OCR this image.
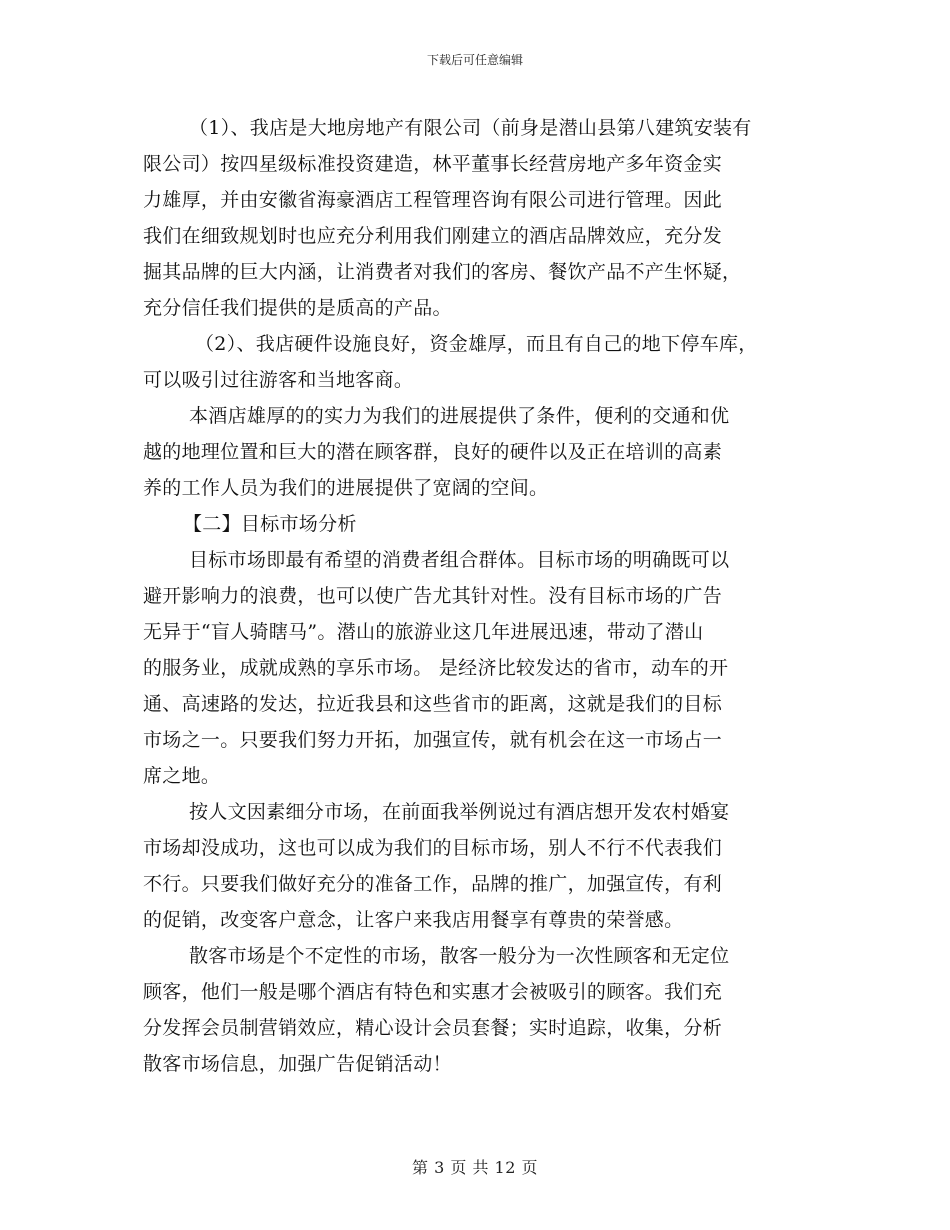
下载后可任意编辑
（1）、我店是大地房地产有限公司（前身是潜山县第八建筑安装有
限公司）按四星级标准投资建造，林平董事长经营房地产多年资金实
力雄厚，并由安徽省海豪酒店工程管理咨询有限公司进行管理。因此
我们在细致规划时也应充分利用我们刚建立的酒店品牌效应，充分发
掘其品牌的巨大内涵，让消费者对我们的客房、餐饮产品不产生怀疑，
充分信任我们提供的是质高的产品。
（2）、我店硬件设施良好，资金雄厚，而且有自己的地下停车库，
可以吸引过往游客和当地客商。
本酒店雄厚的的实力为我们的进展提供了条件，便利的交通和优
越的地理位置和巨大的潜在顾客群，良好的硬件以及正在培训的高素
养的工作人员为我们的进展提供了宽阔的空间。
【二】目标市场分析
目标市场即最有希望的消费者组合群体。目标市场的明确既可以
避开影响力的浪费，也可以使广告尤其针对性。没有目标市场的广告
无异于“盲人骑瞎马”。潜山的旅游业这几年进展迅速，带动了潜山
的服务业，成就成熟的享乐市场。 是经济比较发达的省市，动车的开
通、高速路的发达，拉近我县和这些省市的距离，这就是我们的目标
市场之一。只要我们努力开拓，加强宣传，就有机会在这一市场占一
席之地。
按人文因素细分市场，在前面我举例说过有酒店想开发农村婚宴
市场却没成功，这也可以成为我们的目标市场，别人不行不代表我们
不行。只要我们做好充分的准备工作，品牌的推广，加强宣传，有利
的促销，改变客户意念，让客户来我店用餐享有尊贵的荣誉感。
散客市场是个不定性的市场，散客一般分为一次性顾客和无定位
顾客，他们一般是哪个酒店有特色和实惠才会被吸引的顾客。我们充
分发挥会员制营销效应，精心设计会员套餐；实时追踪，收集，分析
散客市场信息，加强广告促销活动！
第 3 页 共 12 页
